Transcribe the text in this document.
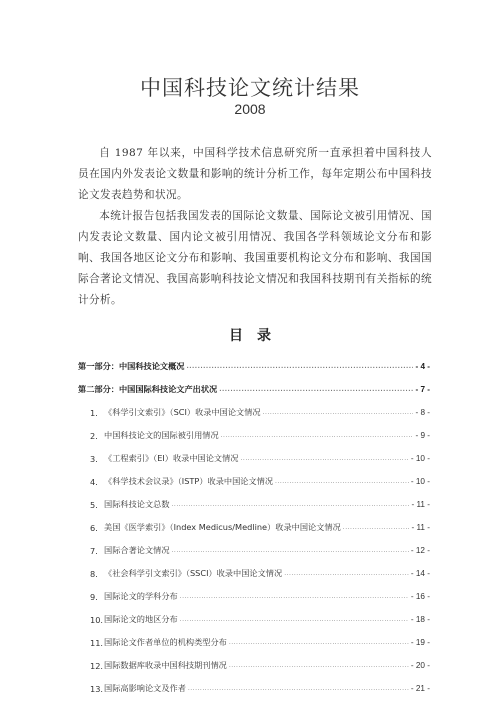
中国科技论文统计结果
2008

自 1987 年以来，中国科学技术信息研究所一直承担着中国科技人员在国内外发表论文数量和影响的统计分析工作，每年定期公布中国科技论文发表趋势和状况。

本统计报告包括我国发表的国际论文数量、国际论文被引用情况、国内发表论文数量、国内论文被引用情况、我国各学科领域论文分布和影响、我国各地区论文分布和影响、我国重要机构论文分布和影响、我国国际合著论文情况、我国高影响科技论文情况和我国科技期刊有关指标的统计分析。

目　录
第一部分：中国科技论文概况 .....	- 4 -
第二部分：中国国际科技论文产出状况 .....	- 7 -
1. 《科学引文索引》（SCI）收录中国论文情况 .....	- 8 -
2. 中国科技论文的国际被引用情况 .....	- 9 -
3. 《工程索引》（EI）收录中国论文情况 .....	- 10 -
4. 《科学技术会议录》（ISTP）收录中国论文情况 .....	- 10 -
5. 国际科技论文总数 .....	- 11 -
6. 美国《医学索引》（Index Medicus/Medline）收录中国论文情况 .....	- 11 -
7. 国际合著论文情况 .....	- 12 -
8. 《社会科学引文索引》（SSCI）收录中国论文情况 .....	- 14 -
9. 国际论文的学科分布 .....	- 16 -
10. 国际论文的地区分布 .....	- 18 -
11. 国际论文作者单位的机构类型分布 .....	- 19 -
12. 国际数据库收录中国科技期刊情况 .....	- 20 -
13. 国际高影响论文及作者 .....	- 21 -
